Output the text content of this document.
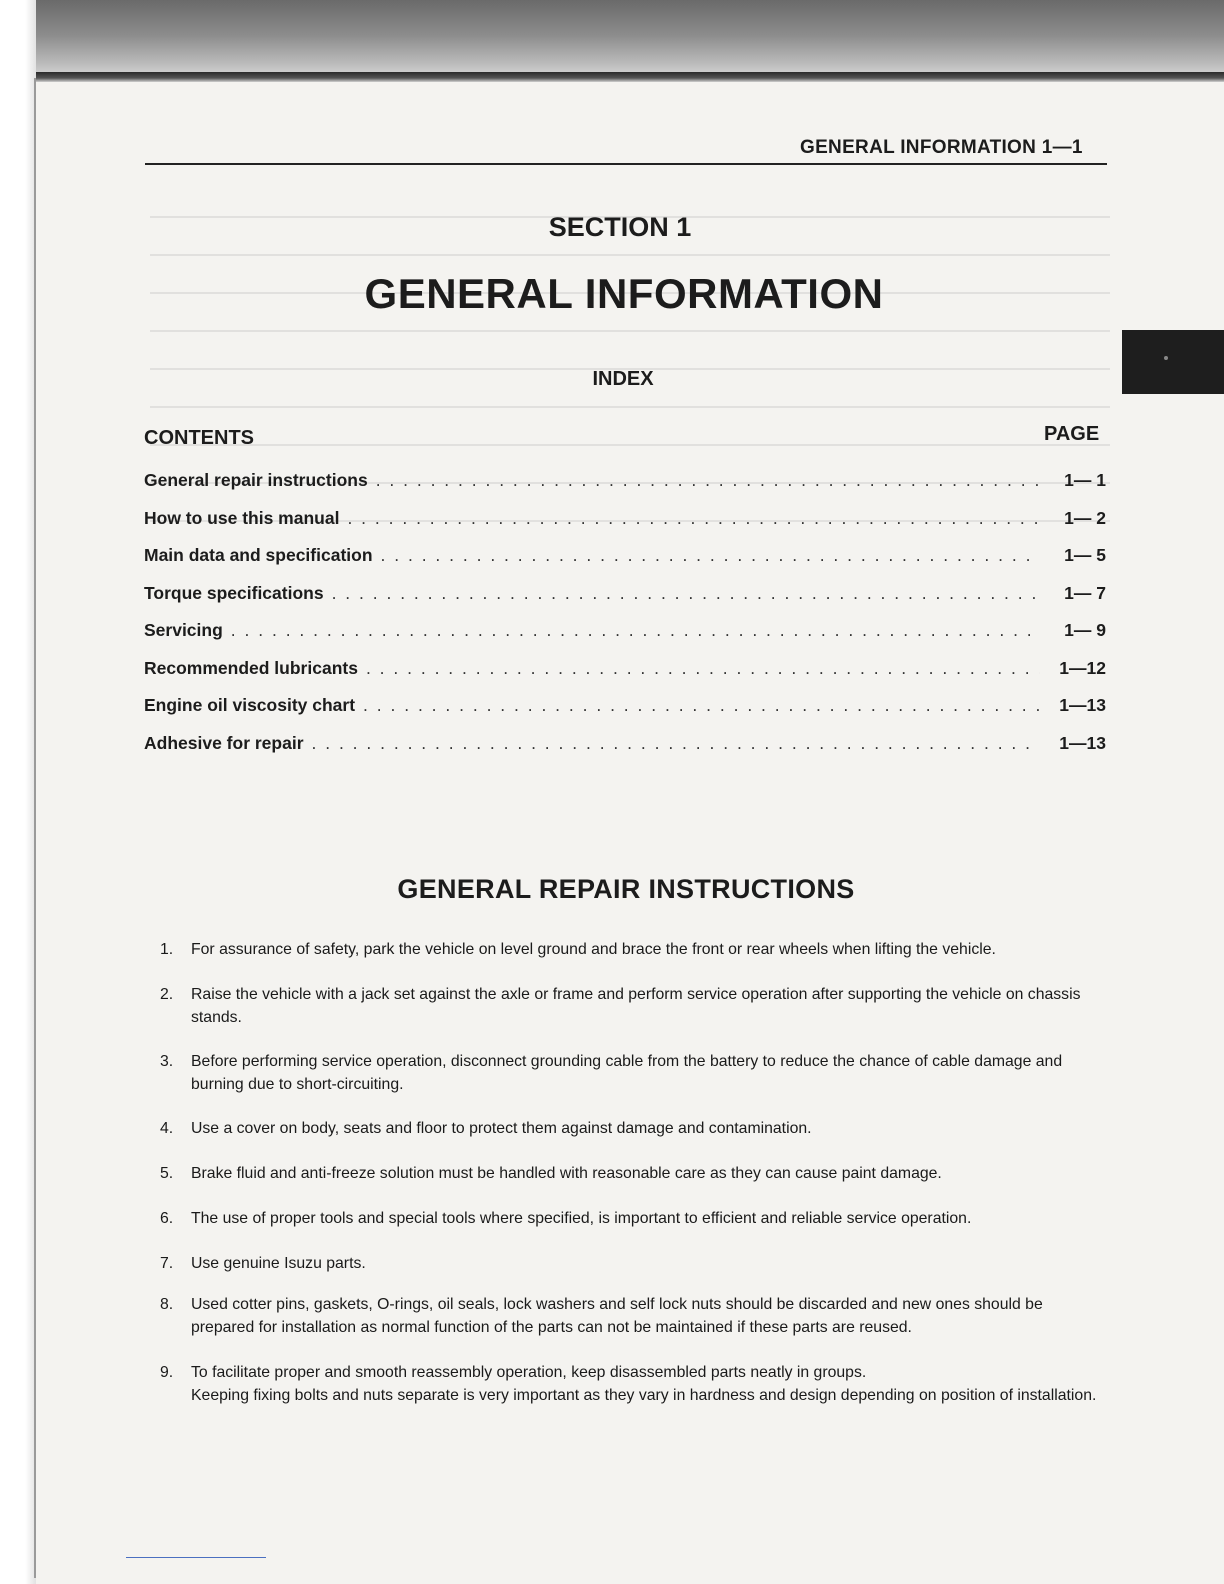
GENERAL INFORMATION 1—1
SECTION 1
GENERAL INFORMATION
INDEX
CONTENTS	PAGE
General repair instructions . . .	1— 1
How to use this manual . . .	1— 2
Main data and specification . . .	1— 5
Torque specifications . . .	1— 7
Servicing . . .	1— 9
Recommended lubricants . . .	1—12
Engine oil viscosity chart . . .	1—13
Adhesive for repair . . .	1—13
GENERAL REPAIR INSTRUCTIONS
1.	For assurance of safety, park the vehicle on level ground and brace the front or rear wheels when lifting the vehicle.

2.	Raise the vehicle with a jack set against the axle or frame and perform service operation after supporting the vehicle on chassis stands.

3.	Before performing service operation, disconnect grounding cable from the battery to reduce the chance of cable damage and burning due to short-circuiting.

4.	Use a cover on body, seats and floor to protect them against damage and contamination.

5.	Brake fluid and anti-freeze solution must be handled with reasonable care as they can cause paint damage.

6.	The use of proper tools and special tools where specified, is important to efficient and reliable service operation.

7.	Use genuine Isuzu parts.

8.	Used cotter pins, gaskets, O-rings, oil seals, lock washers and self lock nuts should be discarded and new ones should be prepared for installation as normal function of the parts can not be maintained if these parts are reused.

9.	To facilitate proper and smooth reassembly operation, keep disassembled parts neatly in groups.

Keeping fixing bolts and nuts separate is very important as they vary in hardness and design depending on position of installation.
